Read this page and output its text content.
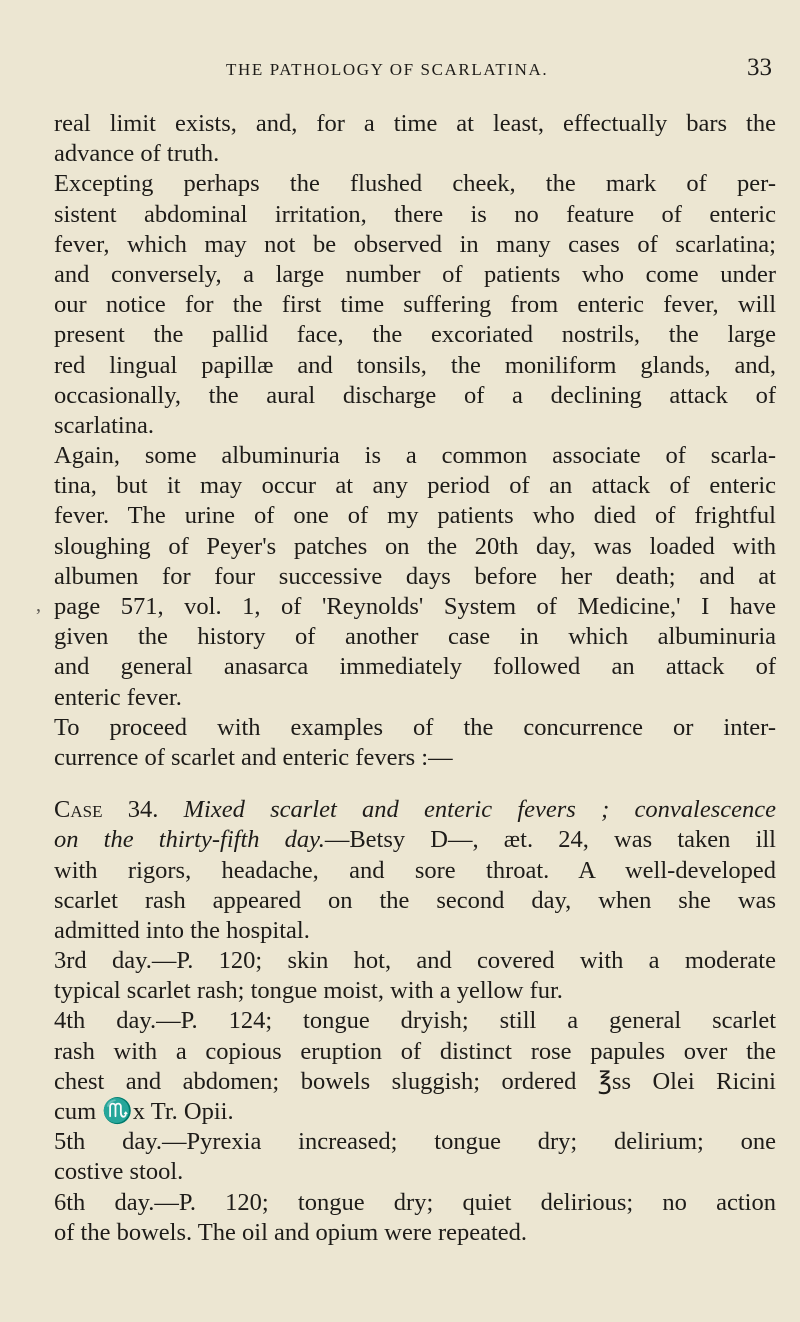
THE PATHOLOGY OF SCARLATINA.	33
,
real limit exists, and, for a time at least, effectually bars the
advance of truth.
Excepting perhaps the flushed cheek, the mark of per-
sistent abdominal irritation, there is no feature of enteric
fever, which may not be observed in many cases of scarlatina;
and conversely, a large number of patients who come under
our notice for the first time suffering from enteric fever, will
present the pallid face, the excoriated nostrils, the large
red lingual papillæ and tonsils, the moniliform glands, and,
occasionally, the aural discharge of a declining attack of
scarlatina.
Again, some albuminuria is a common associate of scarla-
tina, but it may occur at any period of an attack of enteric
fever. The urine of one of my patients who died of frightful
sloughing of Peyer's patches on the 20th day, was loaded with
albumen for four successive days before her death; and at
page 571, vol. 1, of 'Reynolds' System of Medicine,' I have
given the history of another case in which albuminuria
and general anasarca immediately followed an attack of
enteric fever.
To proceed with examples of the concurrence or inter-
currence of scarlet and enteric fevers :—
Case 34. Mixed scarlet and enteric fevers ; convalescence
on the thirty-fifth day.—Betsy D—, æt. 24, was taken ill
with rigors, headache, and sore throat. A well-developed
scarlet rash appeared on the second day, when she was
admitted into the hospital.
3rd day.—P. 120; skin hot, and covered with a moderate
typical scarlet rash; tongue moist, with a yellow fur.
4th day.—P. 124; tongue dryish; still a general scarlet
rash with a copious eruption of distinct rose papules over the
chest and abdomen; bowels sluggish; ordered ℥ss Olei Ricini
cum ♏x Tr. Opii.
5th day.—Pyrexia increased; tongue dry; delirium; one
costive stool.
6th day.—P. 120; tongue dry; quiet delirious; no action
of the bowels. The oil and opium were repeated.
